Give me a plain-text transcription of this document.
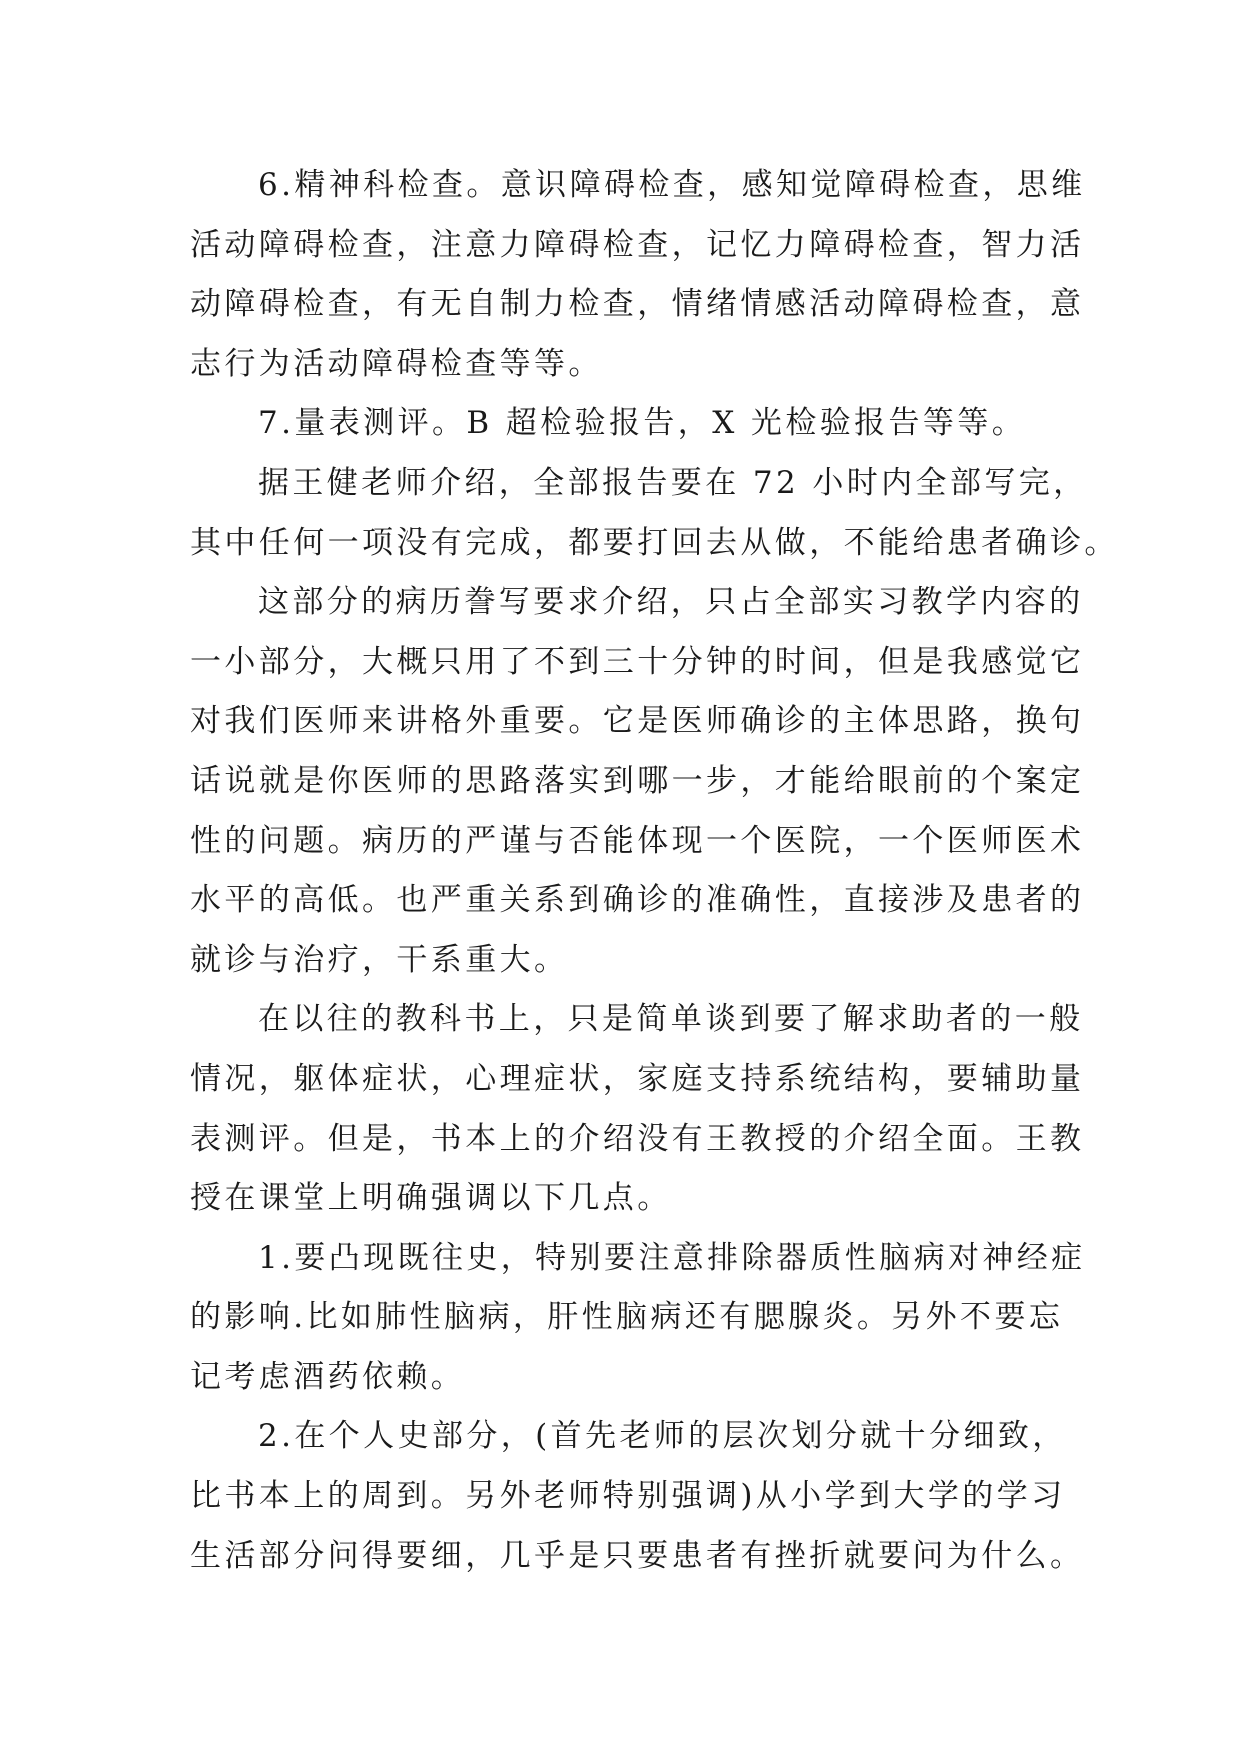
6.精神科检查。意识障碍检查，感知觉障碍检查，思维
活动障碍检查，注意力障碍检查，记忆力障碍检查，智力活
动障碍检查，有无自制力检查，情绪情感活动障碍检查，意
志行为活动障碍检查等等。
7.量表测评。B 超检验报告，X 光检验报告等等。
据王健老师介绍，全部报告要在 72 小时内全部写完，
其中任何一项没有完成，都要打回去从做，不能给患者确诊。
这部分的病历誊写要求介绍，只占全部实习教学内容的
一小部分，大概只用了不到三十分钟的时间，但是我感觉它
对我们医师来讲格外重要。它是医师确诊的主体思路，换句
话说就是你医师的思路落实到哪一步，才能给眼前的个案定
性的问题。病历的严谨与否能体现一个医院，一个医师医术
水平的高低。也严重关系到确诊的准确性，直接涉及患者的
就诊与治疗，干系重大。
在以往的教科书上，只是简单谈到要了解求助者的一般
情况，躯体症状，心理症状，家庭支持系统结构，要辅助量
表测评。但是，书本上的介绍没有王教授的介绍全面。王教
授在课堂上明确强调以下几点。
1.要凸现既往史，特别要注意排除器质性脑病对神经症
的影响.比如肺性脑病，肝性脑病还有腮腺炎。另外不要忘
记考虑酒药依赖。
2.在个人史部分，(首先老师的层次划分就十分细致，
比书本上的周到。另外老师特别强调)从小学到大学的学习
生活部分问得要细，几乎是只要患者有挫折就要问为什么。
